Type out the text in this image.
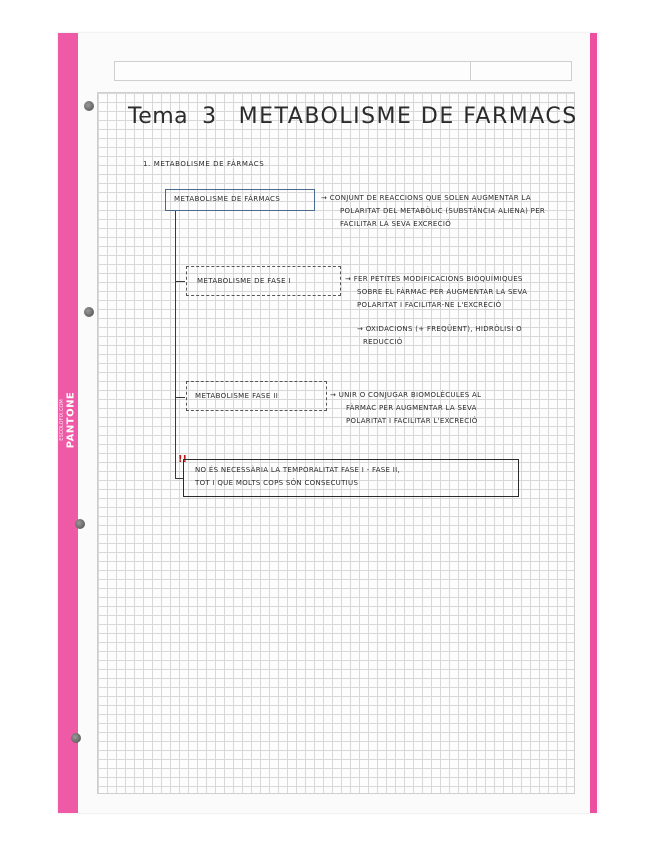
PANTONE
ESCOLOFIX.COM
Tema 3 METABOLISME DE FARMACS
1. METABOLISME DE FÀRMACS
METABOLISME DE FÀRMACS	→ CONJUNT DE REACCIONS QUE SOLEN AUGMENTAR LA
POLARITAT DEL METABÒLIC (SUBSTÀNCIA ALIENA) PER
FACILITAR LA SEVA EXCRECIÓ
METABOLISME DE FASE I	→ FER PETITES MODIFICACIONS BIOQUÍMIQUES
SOBRE EL FÀRMAC PER AUGMENTAR LA SEVA
POLARITAT I FACILITAR-NE L'EXCRECIÓ
→ OXIDACIONS (+ FREQÜENT), HIDRÒLISI O
REDUCCIÓ
METABOLISME FASE II	→ UNIR O CONJUGAR BIOMOLÈCULES AL
FÀRMAC PER AUGMENTAR LA SEVA
POLARITAT I FACILITAR L'EXCRECIÓ
!!
NO ÉS NECESSÀRIA LA TEMPORALITAT FASE I - FASE II,
TOT I QUE MOLTS COPS SÓN CONSECUTIUS
